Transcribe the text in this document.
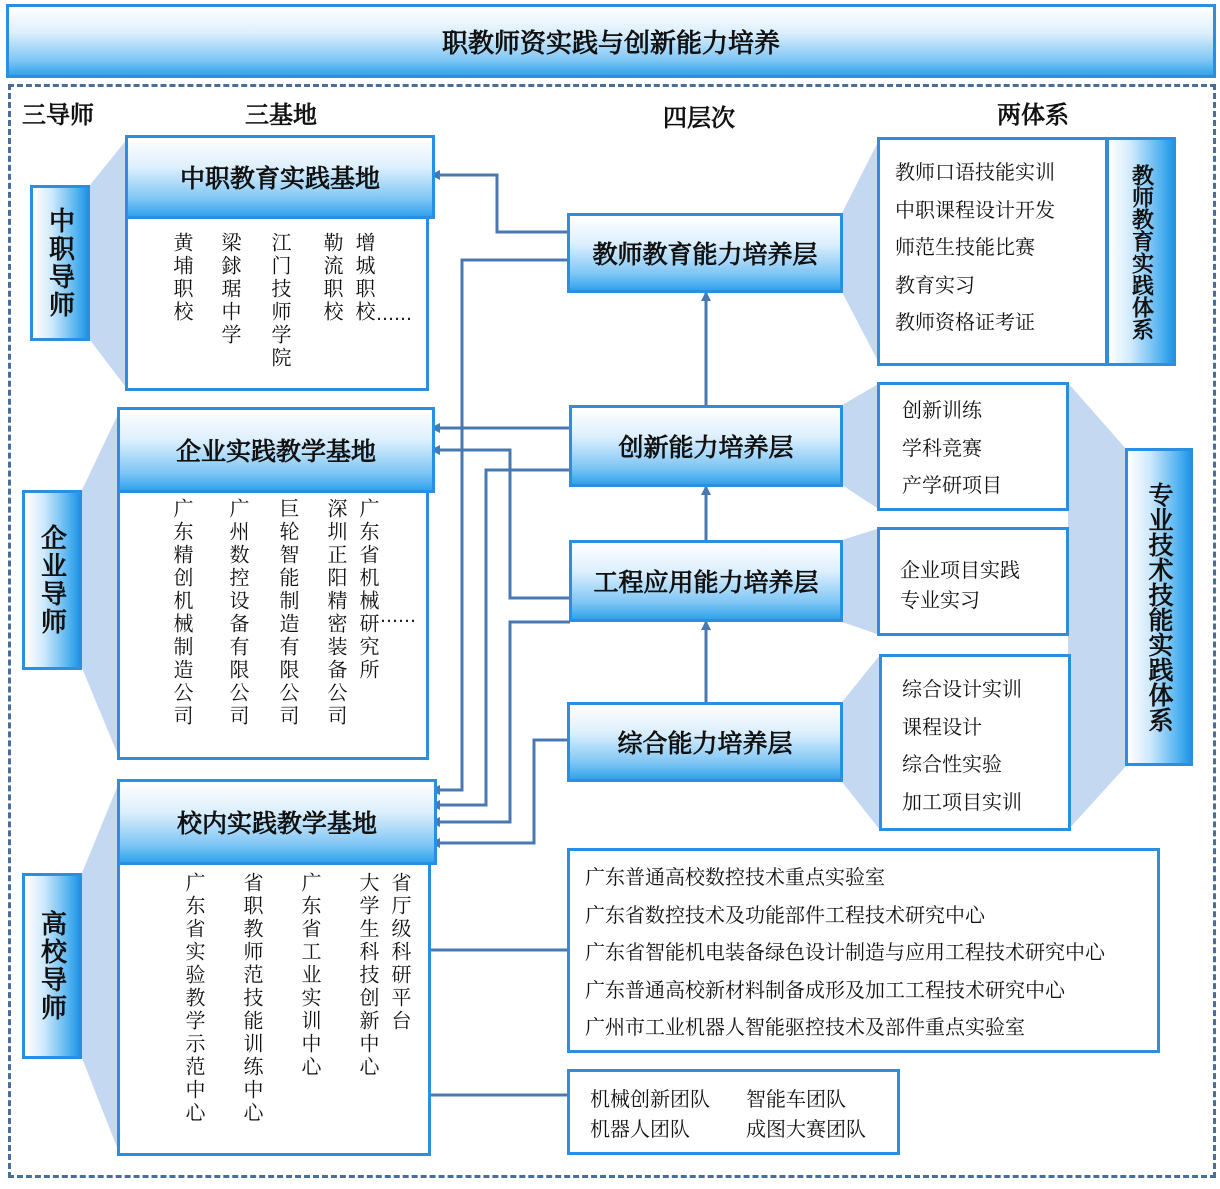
职教师资实践与创新能力培养
三导师	三基地	四层次	两体系
中职导师
企业导师
高校导师
中职教育实践基地
黄埔职校	梁銶琚中学	江门技师学院	勒流职校 增城职校 ……
企业实践教学基地
广东精创机械制造公司	广州数控设备有限公司	巨轮智能制造有限公司	深圳正阳精密装备公司 广东省机械研究所 ……
校内实践教学基地
广东省实验教学示范中心	省职教师范技能训练中心	广东省工业实训中心	大学生科技创新中心 省厅级科研平台
教师教育能力培养层
创新能力培养层
工程应用能力培养层
综合能力培养层
教师口语技能实训
中职课程设计开发
师范生技能比赛
教育实习
教师资格证考证
创新训练
学科竞赛
产学研项目
企业项目实践
专业实习
综合设计实训
课程设计
综合性实验
加工项目实训
教师教育实践体系
专业技术技能实践体系
广东普通高校数控技术重点实验室
广东省数控技术及功能部件工程技术研究中心
广东省智能机电装备绿色设计制造与应用工程技术研究中心
广东普通高校新材料制备成形及加工工程技术研究中心
广州市工业机器人智能驱控技术及部件重点实验室
机械创新团队	智能车团队
机器人团队	成图大赛团队
